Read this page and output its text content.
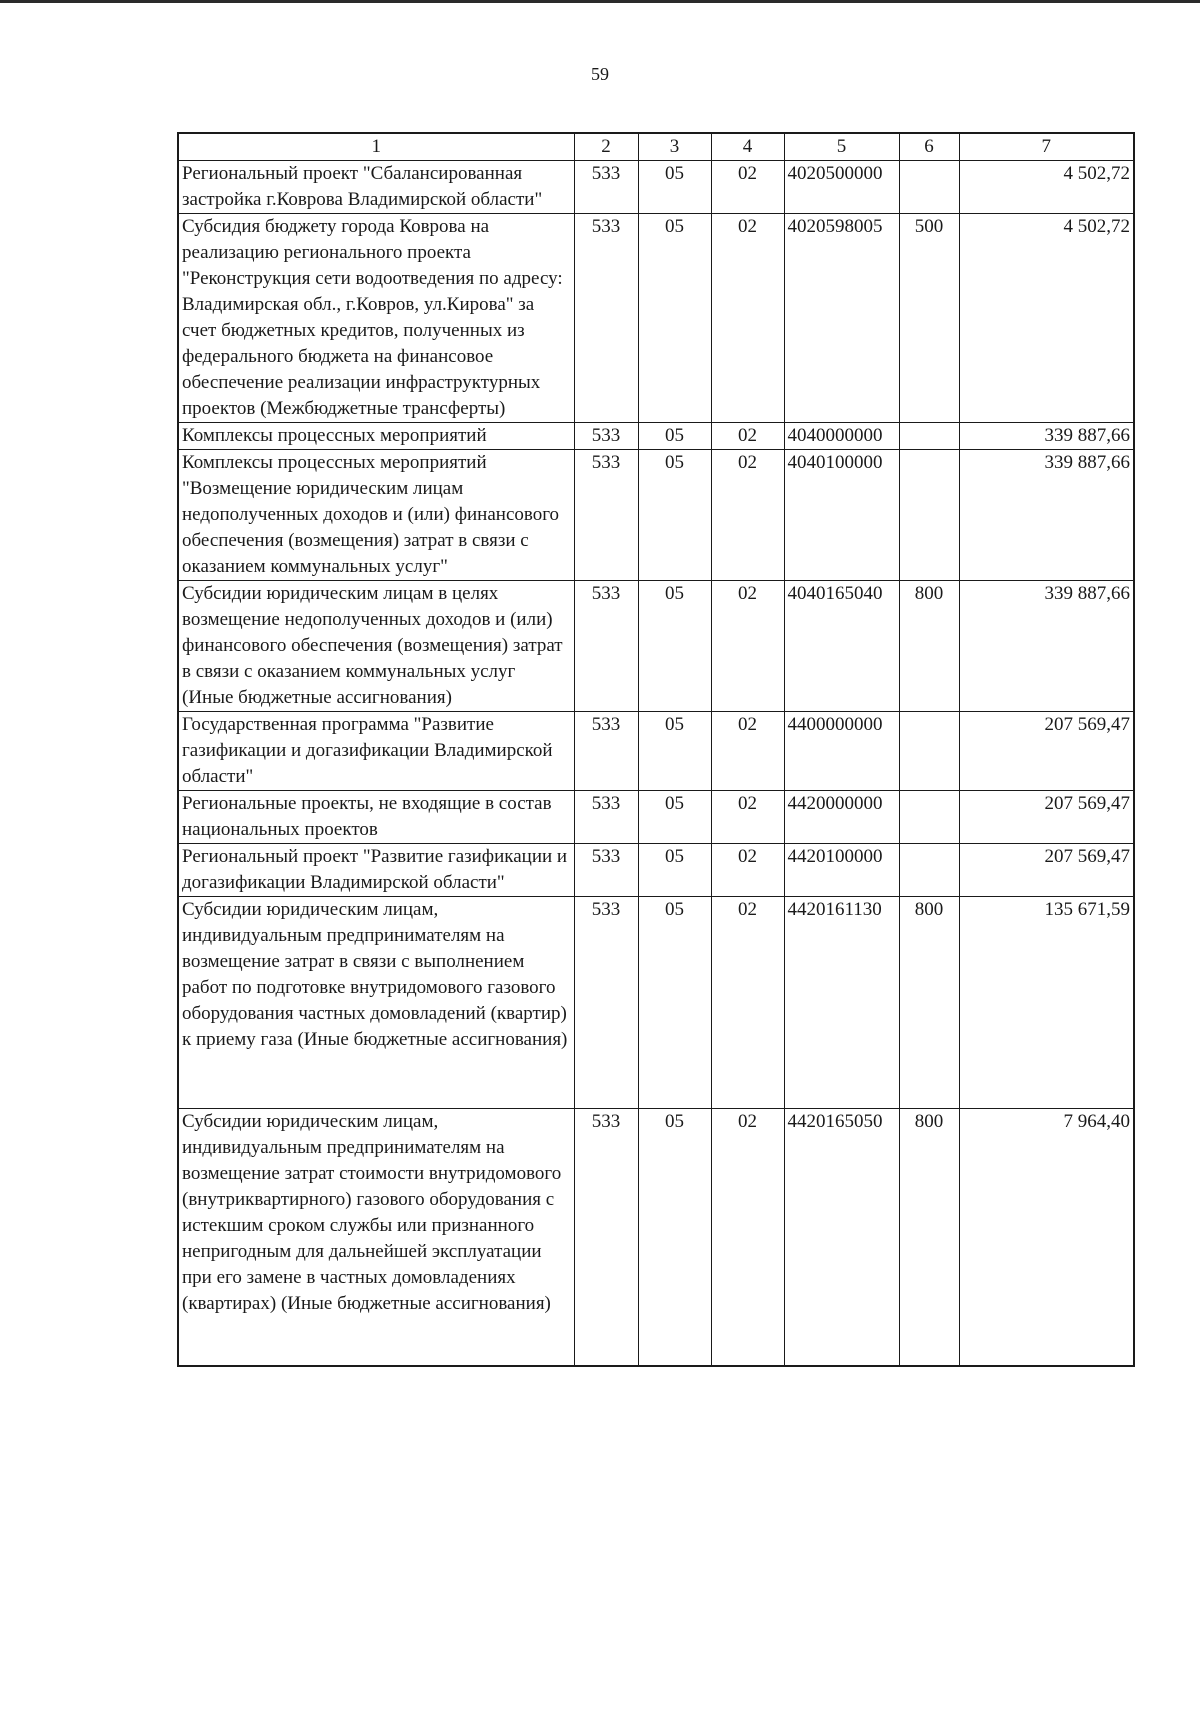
59
1	2	3	4	5	6	7
Региональный проект "Сбалансированная застройка г.Коврова Владимирской области"	533	05	02	4020500000		4 502,72
Субсидия бюджету города Коврова на реализацию регионального проекта "Реконструкция сети водоотведения по адресу: Владимирская обл., г.Ковров, ул.Кирова" за счет бюджетных кредитов, полученных из федерального бюджета на финансовое обеспечение реализации инфраструктурных проектов (Межбюджетные трансферты)	533	05	02	4020598005	500	4 502,72
Комплексы процессных мероприятий	533	05	02	4040000000		339 887,66
Комплексы процессных мероприятий "Возмещение юридическим лицам недополученных доходов и (или) финансового обеспечения (возмещения) затрат в связи с оказанием коммунальных услуг"	533	05	02	4040100000		339 887,66
Субсидии юридическим лицам в целях возмещение недополученных доходов и (или) финансового обеспечения (возмещения) затрат в связи с оказанием коммунальных услуг (Иные бюджетные ассигнования)	533	05	02	4040165040	800	339 887,66
Государственная программа "Развитие газификации и догазификации Владимирской области"	533	05	02	4400000000		207 569,47
Региональные проекты, не входящие в состав национальных проектов	533	05	02	4420000000		207 569,47
Региональный проект "Развитие газификации и догазификации Владимирской области"	533	05	02	4420100000		207 569,47
Субсидии юридическим лицам, индивидуальным предпринимателям на возмещение затрат в связи с выполнением работ по подготовке внутридомового газового оборудования частных домовладений (квартир) к приему газа (Иные бюджетные ассигнования)	533	05	02	4420161130	800	135 671,59
Субсидии юридическим лицам, индивидуальным предпринимателям на возмещение затрат стоимости внутридомового (внутриквартирного) газового оборудования с истекшим сроком службы или признанного непригодным для дальнейшей эксплуатации при его замене в частных домовладениях (квартирах) (Иные бюджетные ассигнования)	533	05	02	4420165050	800	7 964,40
